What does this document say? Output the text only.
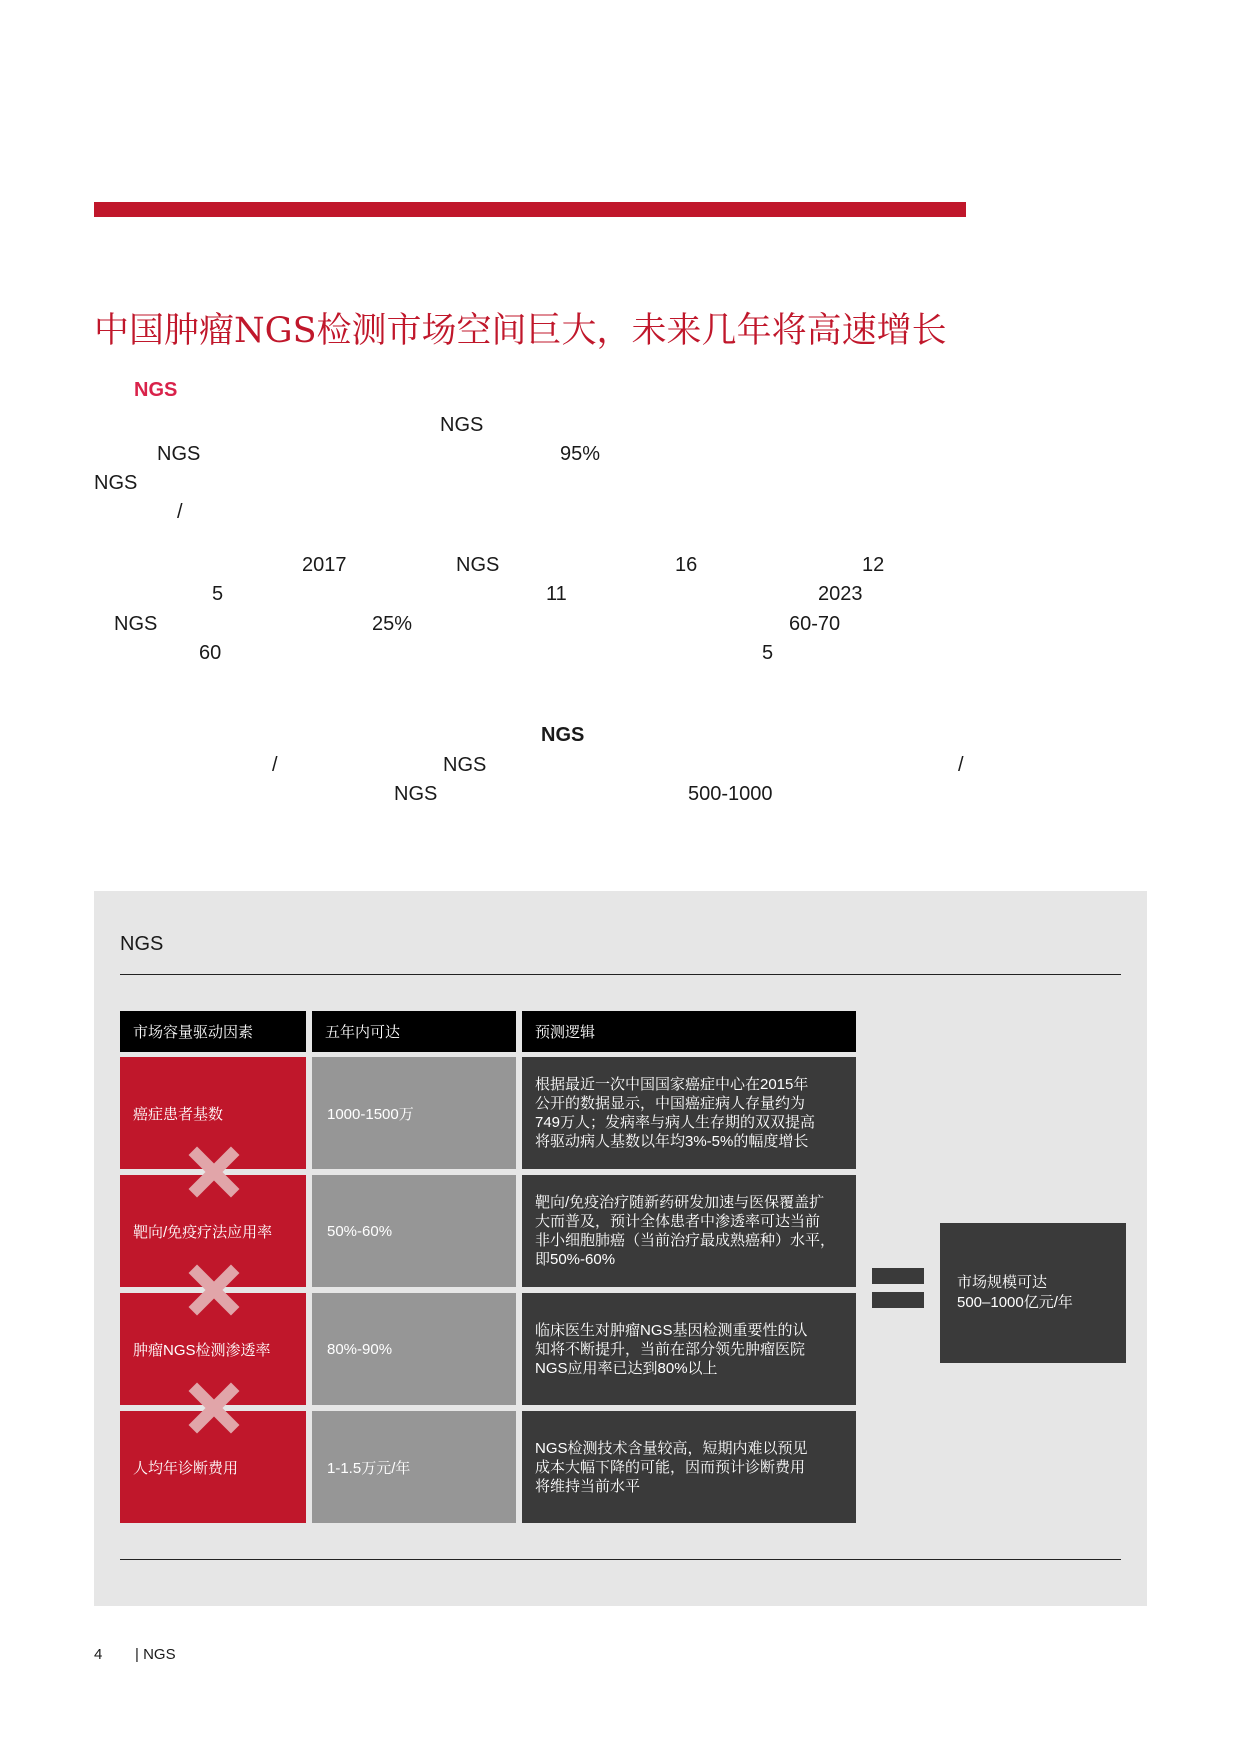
中国肿瘤NGS检测市场空间巨大，未来几年将高速增长
NGS
NGS
NGS	95%
NGS
/
2017	NGS	16	12
5	11	2023
NGS	25%	60-70
60	5
NGS
/	NGS	/
NGS	500-1000
NGS
市场容量驱动因素	五年内可达	预测逻辑
癌症患者基数	1000-1500万
根据最近一次中国国家癌症中心在2015年
公开的数据显示，中国癌症病人存量约为
749万人；发病率与病人生存期的双双提高
将驱动病人基数以年均3%-5%的幅度增长
靶向/免疫疗法应用率	50%-60%
靶向/免疫治疗随新药研发加速与医保覆盖扩
大而普及，预计全体患者中渗透率可达当前
非小细胞肺癌（当前治疗最成熟癌种）水平，
即50%-60%
肿瘤NGS检测渗透率	80%-90%
临床医生对肿瘤NGS基因检测重要性的认
知将不断提升，当前在部分领先肿瘤医院
NGS应用率已达到80%以上
人均年诊断费用	1-1.5万元/年
NGS检测技术含量较高，短期内难以预见
成本大幅下降的可能，因而预计诊断费用
将维持当前水平
市场规模可达
500–1000亿元/年
4 | NGS
